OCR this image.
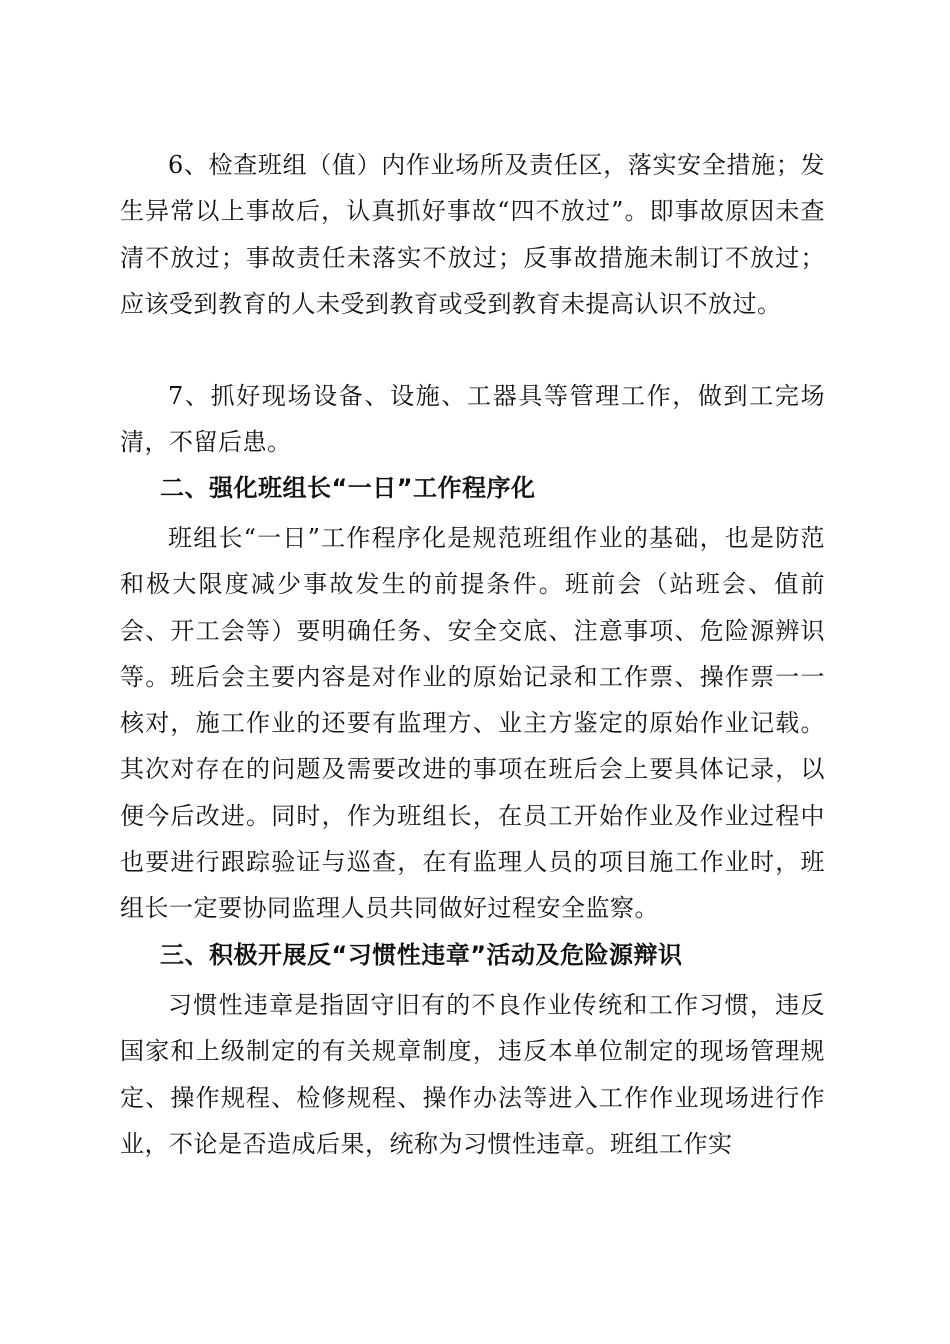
6、检查班组（值）内作业场所及责任区，落实安全措施；发生异常以上事故后，认真抓好事故“四不放过”。即事故原因未查清不放过；事故责任未落实不放过；反事故措施未制订不放过；应该受到教育的人未受到教育或受到教育未提高认识不放过。

7、抓好现场设备、设施、工器具等管理工作，做到工完场清，不留后患。

二、强化班组长“一日”工作程序化

班组长“一日”工作程序化是规范班组作业的基础，也是防范和极大限度减少事故发生的前提条件。班前会（站班会、值前会、开工会等）要明确任务、安全交底、注意事项、危险源辨识等。班后会主要内容是对作业的原始记录和工作票、操作票一一核对，施工作业的还要有监理方、业主方鉴定的原始作业记载。其次对存在的问题及需要改进的事项在班后会上要具体记录，以便今后改进。同时，作为班组长，在员工开始作业及作业过程中也要进行跟踪验证与巡查，在有监理人员的项目施工作业时，班组长一定要协同监理人员共同做好过程安全监察。

三、积极开展反“习惯性违章”活动及危险源辩识

习惯性违章是指固守旧有的不良作业传统和工作习惯，违反国家和上级制定的有关规章制度，违反本单位制定的现场管理规定、操作规程、检修规程、操作办法等进入工作作业现场进行作业，不论是否造成后果，统称为习惯性违章。班组工作实
